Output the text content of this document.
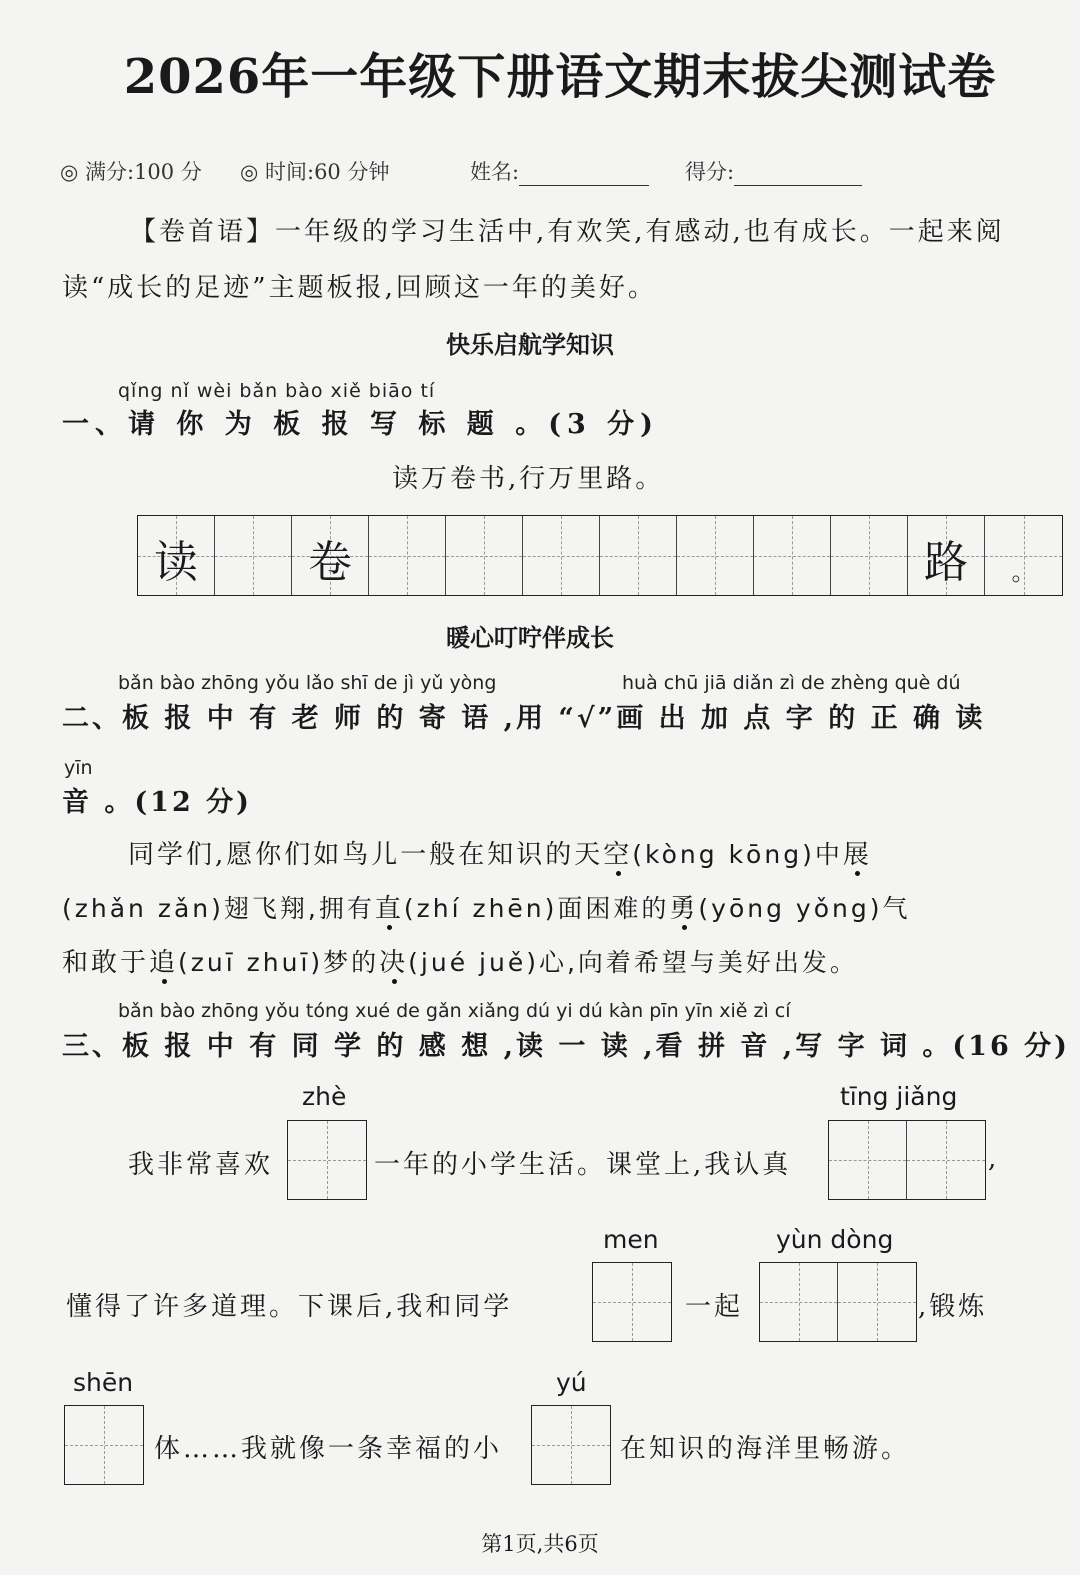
2026年一年级下册语文期末拔尖测试卷
◎ 满分:100 分 ◎ 时间:60 分钟	姓名:	得分:
【卷首语】一年级的学习生活中,有欢笑,有感动,也有成长。一起来阅读“成长的足迹”主题板报,回顾这一年的美好。
快乐启航学知识
qǐng nǐ wèi bǎn bào xiě biāo tí
一、请 你 为 板 报 写 标 题 。(3 分)
读万卷书,行万里路。
读	卷	路	。
暖心叮咛伴成长
bǎn bào zhōng yǒu lǎo shī de jì yǔ yòng	huà chū jiā diǎn zì de zhèng què dú
二、板 报 中 有 老 师 的 寄 语 ,用 “√”画 出 加 点 字 的 正 确 读
yīn
音 。(12 分)
同学们,愿你们如鸟儿一般在知识的天空(kòng kōng)中展
(zhǎn zǎn)翅飞翔,拥有直(zhí zhēn)面困难的勇(yōng yǒng)气
和敢于追(zuī zhuī)梦的决(jué juě)心,向着希望与美好出发。
bǎn bào zhōng yǒu tóng xué de gǎn xiǎng dú yi dú kàn pīn yīn xiě zì cí
三、板 报 中 有 同 学 的 感 想 ,读 一 读 ,看 拼 音 ,写 字 词 。(16 分)
zhè	tīng jiǎng
我非常喜欢	一年的小学生活。课堂上,我认真	,
men	yùn dòng
懂得了许多道理。下课后,我和同学	一起	,锻炼
shēn	yú
体……我就像一条幸福的小	在知识的海洋里畅游。
第1页,共6页
